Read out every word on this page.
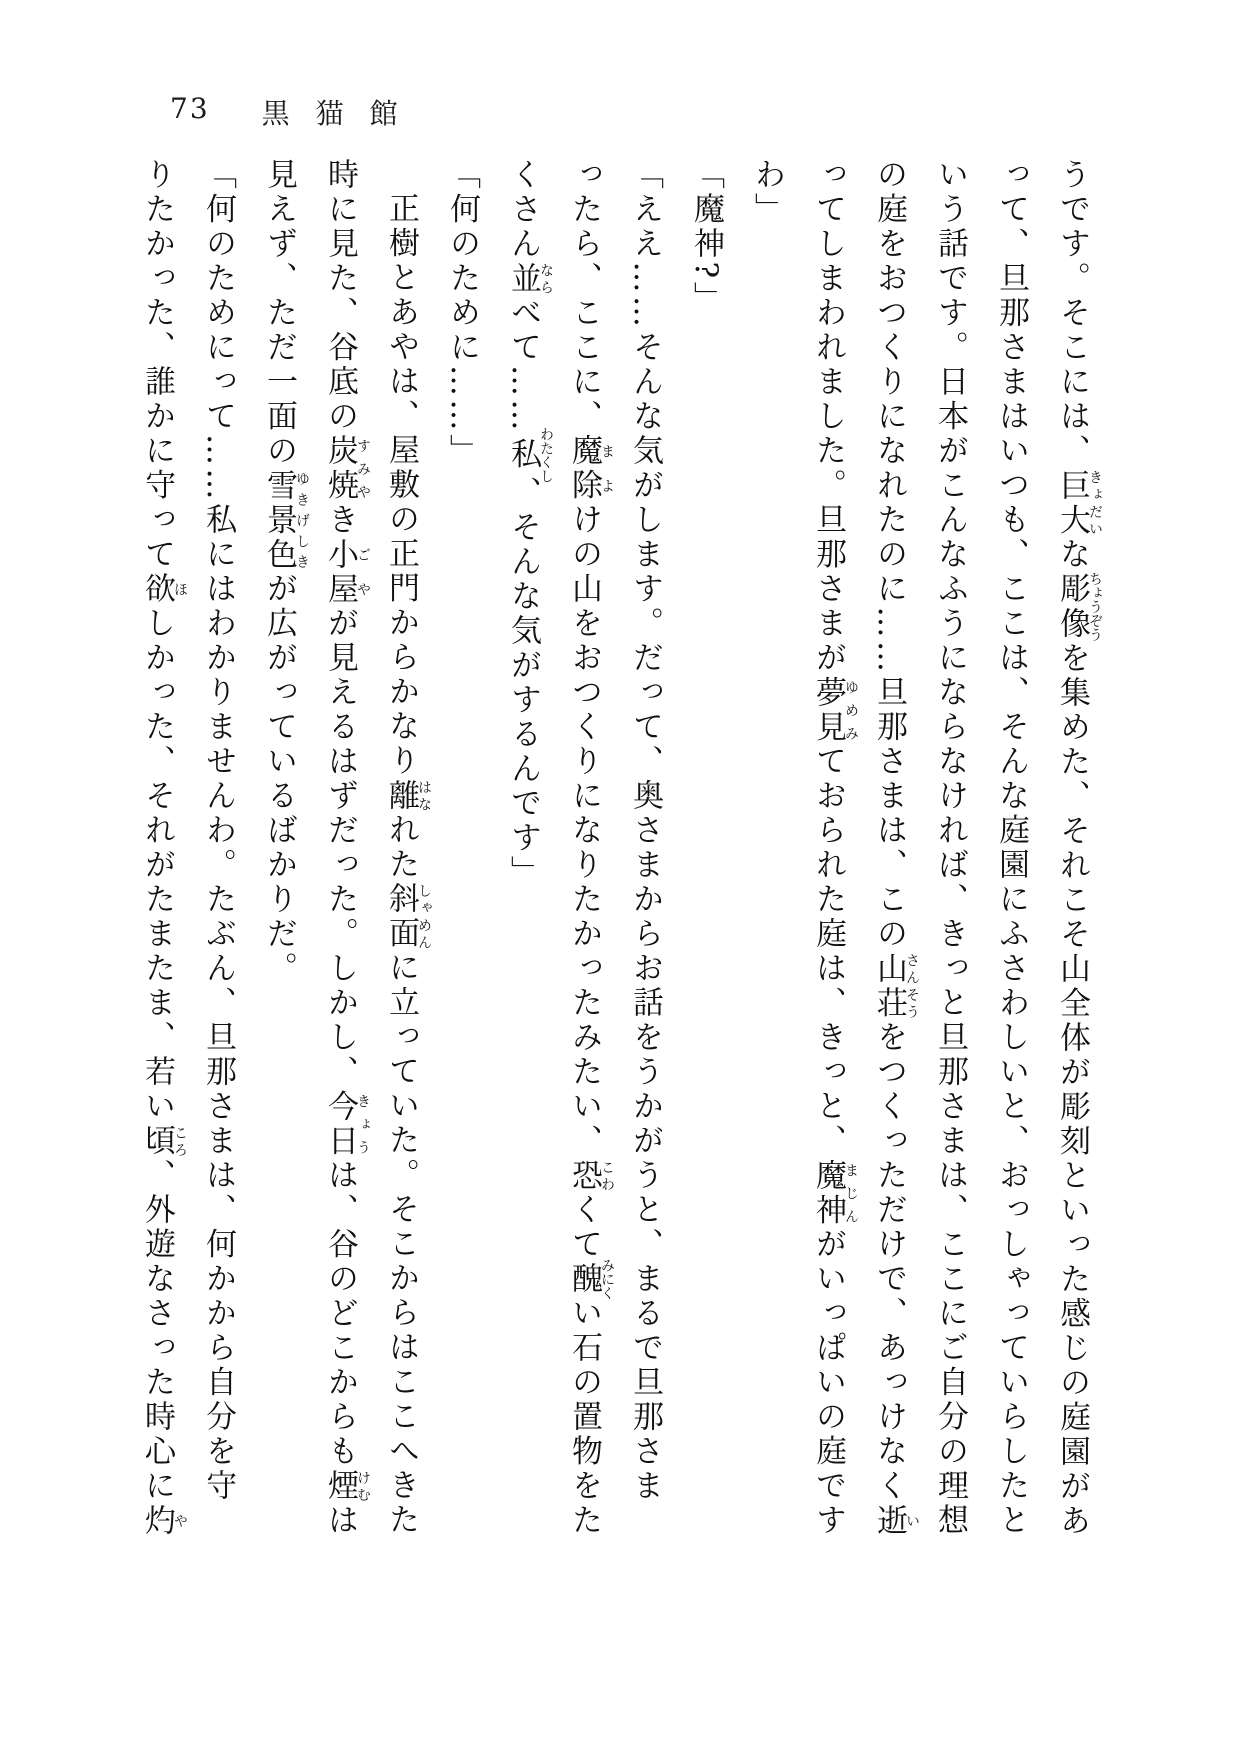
73 黒猫館
うです。そこには、巨大きょだいな彫像ちょうぞうを集めた、それこそ山全体が彫刻といった感じの庭園があ
って、旦那さまはいつも、ここは、そんな庭園にふさわしいと、おっしゃっていらしたと
いう話です。日本がこんなふうにならなければ、きっと旦那さまは、ここにご自分の理想
の庭をおつくりになれたのに……旦那さまは、この山荘さんそうをつくっただけで、あっけなく逝い
ってしまわれました。旦那さまが夢見ゆめみておられた庭は、きっと、魔神まじんがいっぱいの庭です
わ」
「魔神?」
「ええ……そんな気がします。だって、奥さまからお話をうかがうと、まるで旦那さま
ったら、ここに、魔除まよけの山をおつくりになりたかったみたい、恐こわくて醜みにくい石の置物をた
くさん並ならべて……私わたくし、そんな気がするんです」
「何のために……」
正樹とあやは、屋敷の正門からかなり離はなれた斜面しゃめんに立っていた。そこからはここへきた
時に見た、谷底の炭焼すみやき小屋ごやが見えるはずだった。しかし、今日きょうは、谷のどこからも煙けむは
見えず、ただ一面の雪景色ゆきげしきが広がっているばかりだ。
「何のためにって……私にはわかりませんわ。たぶん、旦那さまは、何かから自分を守
りたかった、誰かに守って欲ほしかった、それがたまたま、若い頃ころ、外遊なさった時心に灼や
